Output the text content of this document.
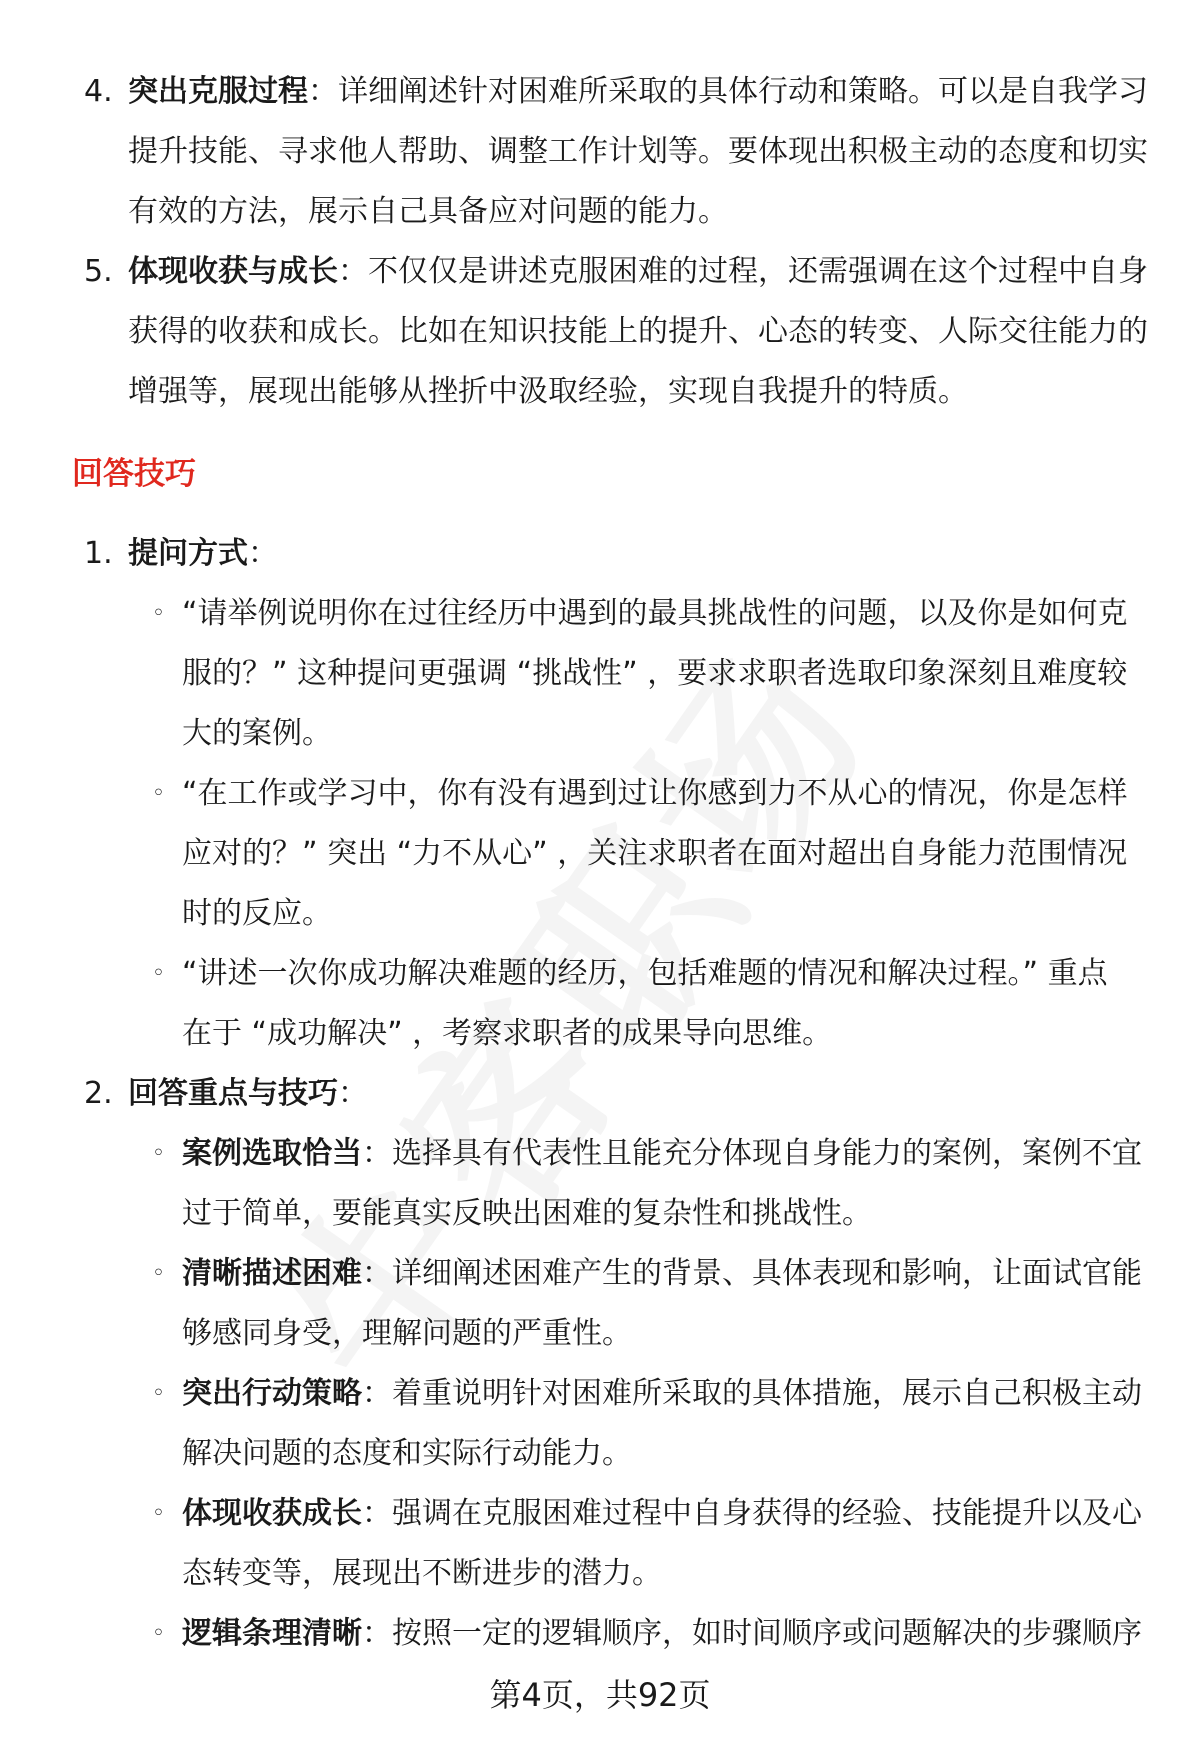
4. 突出克服过程：详细阐述针对困难所采取的具体行动和策略。可以是自我学习
提升技能、寻求他人帮助、调整工作计划等。要体现出积极主动的态度和切实
有效的方法，展示自己具备应对问题的能力。
5. 体现收获与成长：不仅仅是讲述克服困难的过程，还需强调在这个过程中自身
获得的收获和成长。比如在知识技能上的提升、心态的转变、人际交往能力的
增强等，展现出能够从挫折中汲取经验，实现自我提升的特质。
回答技巧
1. 提问方式：
◦ “请举例说明你在过往经历中遇到的最具挑战性的问题，以及你是如何克
服的？” 这种提问更强调 “挑战性” ，要求求职者选取印象深刻且难度较
大的案例。
◦ “在工作或学习中，你有没有遇到过让你感到力不从心的情况，你是怎样
应对的？” 突出 “力不从心” ，关注求职者在面对超出自身能力范围情况
时的反应。
◦ “讲述一次你成功解决难题的经历，包括难题的情况和解决过程。” 重点
在于 “成功解决” ，考察求职者的成果导向思维。
2. 回答重点与技巧：
◦ 案例选取恰当：选择具有代表性且能充分体现自身能力的案例，案例不宜
过于简单，要能真实反映出困难的复杂性和挑战性。
◦ 清晰描述困难：详细阐述困难产生的背景、具体表现和影响，让面试官能
够感同身受，理解问题的严重性。
◦ 突出行动策略：着重说明针对困难所采取的具体措施，展示自己积极主动
解决问题的态度和实际行动能力。
◦ 体现收获成长：强调在克服困难过程中自身获得的经验、技能提升以及心
态转变等，展现出不断进步的潜力。
◦ 逻辑条理清晰：按照一定的逻辑顺序，如时间顺序或问题解决的步骤顺序
第4页，共92页
